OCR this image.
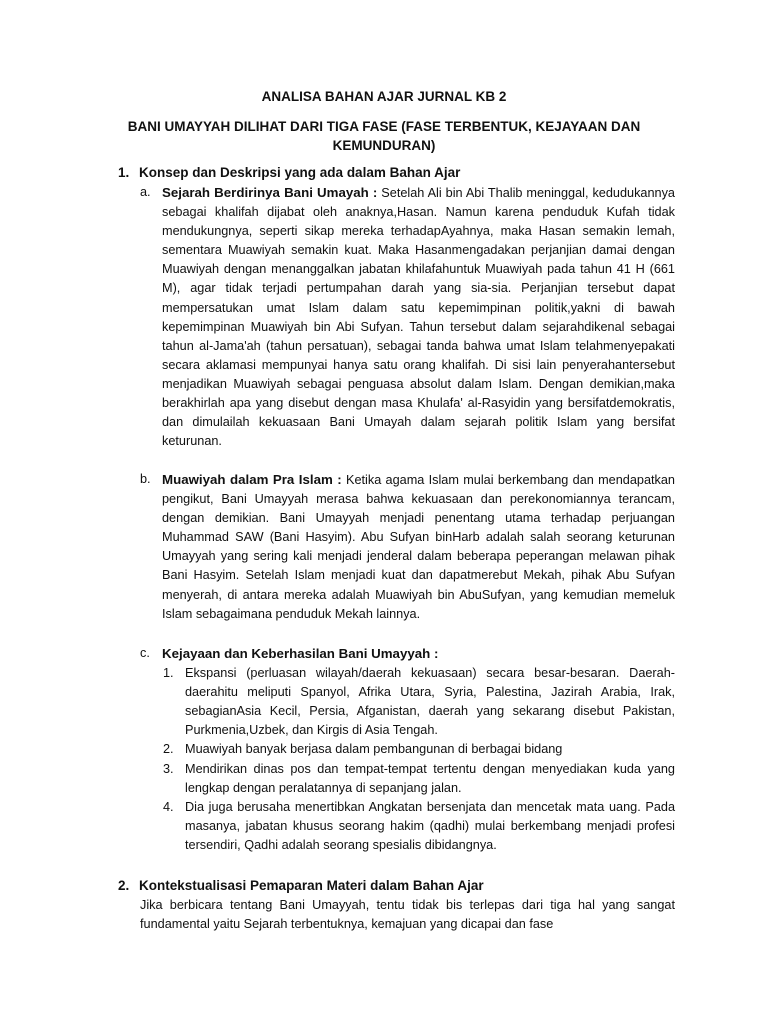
ANALISA BAHAN AJAR JURNAL KB 2
BANI UMAYYAH DILIHAT DARI TIGA FASE (FASE TERBENTUK, KEJAYAAN DAN
KEMUNDURAN)
1. Konsep dan Deskripsi yang ada dalam Bahan Ajar
a. Sejarah Berdirinya Bani Umayah : Setelah Ali bin Abi Thalib meninggal, kedudukannya sebagai khalifah dijabat oleh anaknya,Hasan. Namun karena penduduk Kufah tidak mendukungnya, seperti sikap mereka terhadapAyahnya, maka Hasan semakin lemah, sementara Muawiyah semakin kuat. Maka Hasanmengadakan perjanjian damai dengan Muawiyah dengan menanggalkan jabatan khilafahuntuk Muawiyah pada tahun 41 H (661 M), agar tidak terjadi pertumpahan darah yang sia-sia. Perjanjian tersebut dapat mempersatukan umat Islam dalam satu kepemimpinan politik,yakni di bawah kepemimpinan Muawiyah bin Abi Sufyan. Tahun tersebut dalam sejarahdikenal sebagai tahun al-Jama'ah (tahun persatuan), sebagai tanda bahwa umat Islam telahmenyepakati secara aklamasi mempunyai hanya satu orang khalifah. Di sisi lain penyerahantersebut menjadikan Muawiyah sebagai penguasa absolut dalam Islam. Dengan demikian,maka berakhirlah apa yang disebut dengan masa Khulafa' al-Rasyidin yang bersifatdemokratis, dan dimulailah kekuasaan Bani Umayah dalam sejarah politik Islam yang bersifat keturunan.

b. Muawiyah dalam Pra Islam : Ketika agama Islam mulai berkembang dan mendapatkan pengikut, Bani Umayyah merasa bahwa kekuasaan dan perekonomiannya terancam, dengan demikian. Bani Umayyah menjadi penentang utama terhadap perjuangan Muhammad SAW (Bani Hasyim). Abu Sufyan binHarb adalah salah seorang keturunan Umayyah yang sering kali menjadi jenderal dalam beberapa peperangan melawan pihak Bani Hasyim. Setelah Islam menjadi kuat dan dapatmerebut Mekah, pihak Abu Sufyan menyerah, di antara mereka adalah Muawiyah bin AbuSufyan, yang kemudian memeluk Islam sebagaimana penduduk Mekah lainnya.

c. Kejayaan dan Keberhasilan Bani Umayyah :

1. Ekspansi (perluasan wilayah/daerah kekuasaan) secara besar-besaran. Daerah-daerahitu meliputi Spanyol, Afrika Utara, Syria, Palestina, Jazirah Arabia, Irak, sebagianAsia Kecil, Persia, Afganistan, daerah yang sekarang disebut Pakistan, Purkmenia,Uzbek, dan Kirgis di Asia Tengah.

2. Muawiyah banyak berjasa dalam pembangunan di berbagai bidang

3. Mendirikan dinas pos dan tempat-tempat tertentu dengan menyediakan kuda yang lengkap dengan peralatannya di sepanjang jalan.

4. Dia juga berusaha menertibkan Angkatan bersenjata dan mencetak mata uang. Pada masanya, jabatan khusus seorang hakim (qadhi) mulai berkembang menjadi profesi tersendiri, Qadhi adalah seorang spesialis dibidangnya.

2. Kontekstualisasi Pemaparan Materi dalam Bahan Ajar

Jika berbicara tentang Bani Umayyah, tentu tidak bis terlepas dari tiga hal yang sangat fundamental yaitu Sejarah terbentuknya, kemajuan yang dicapai dan fase
